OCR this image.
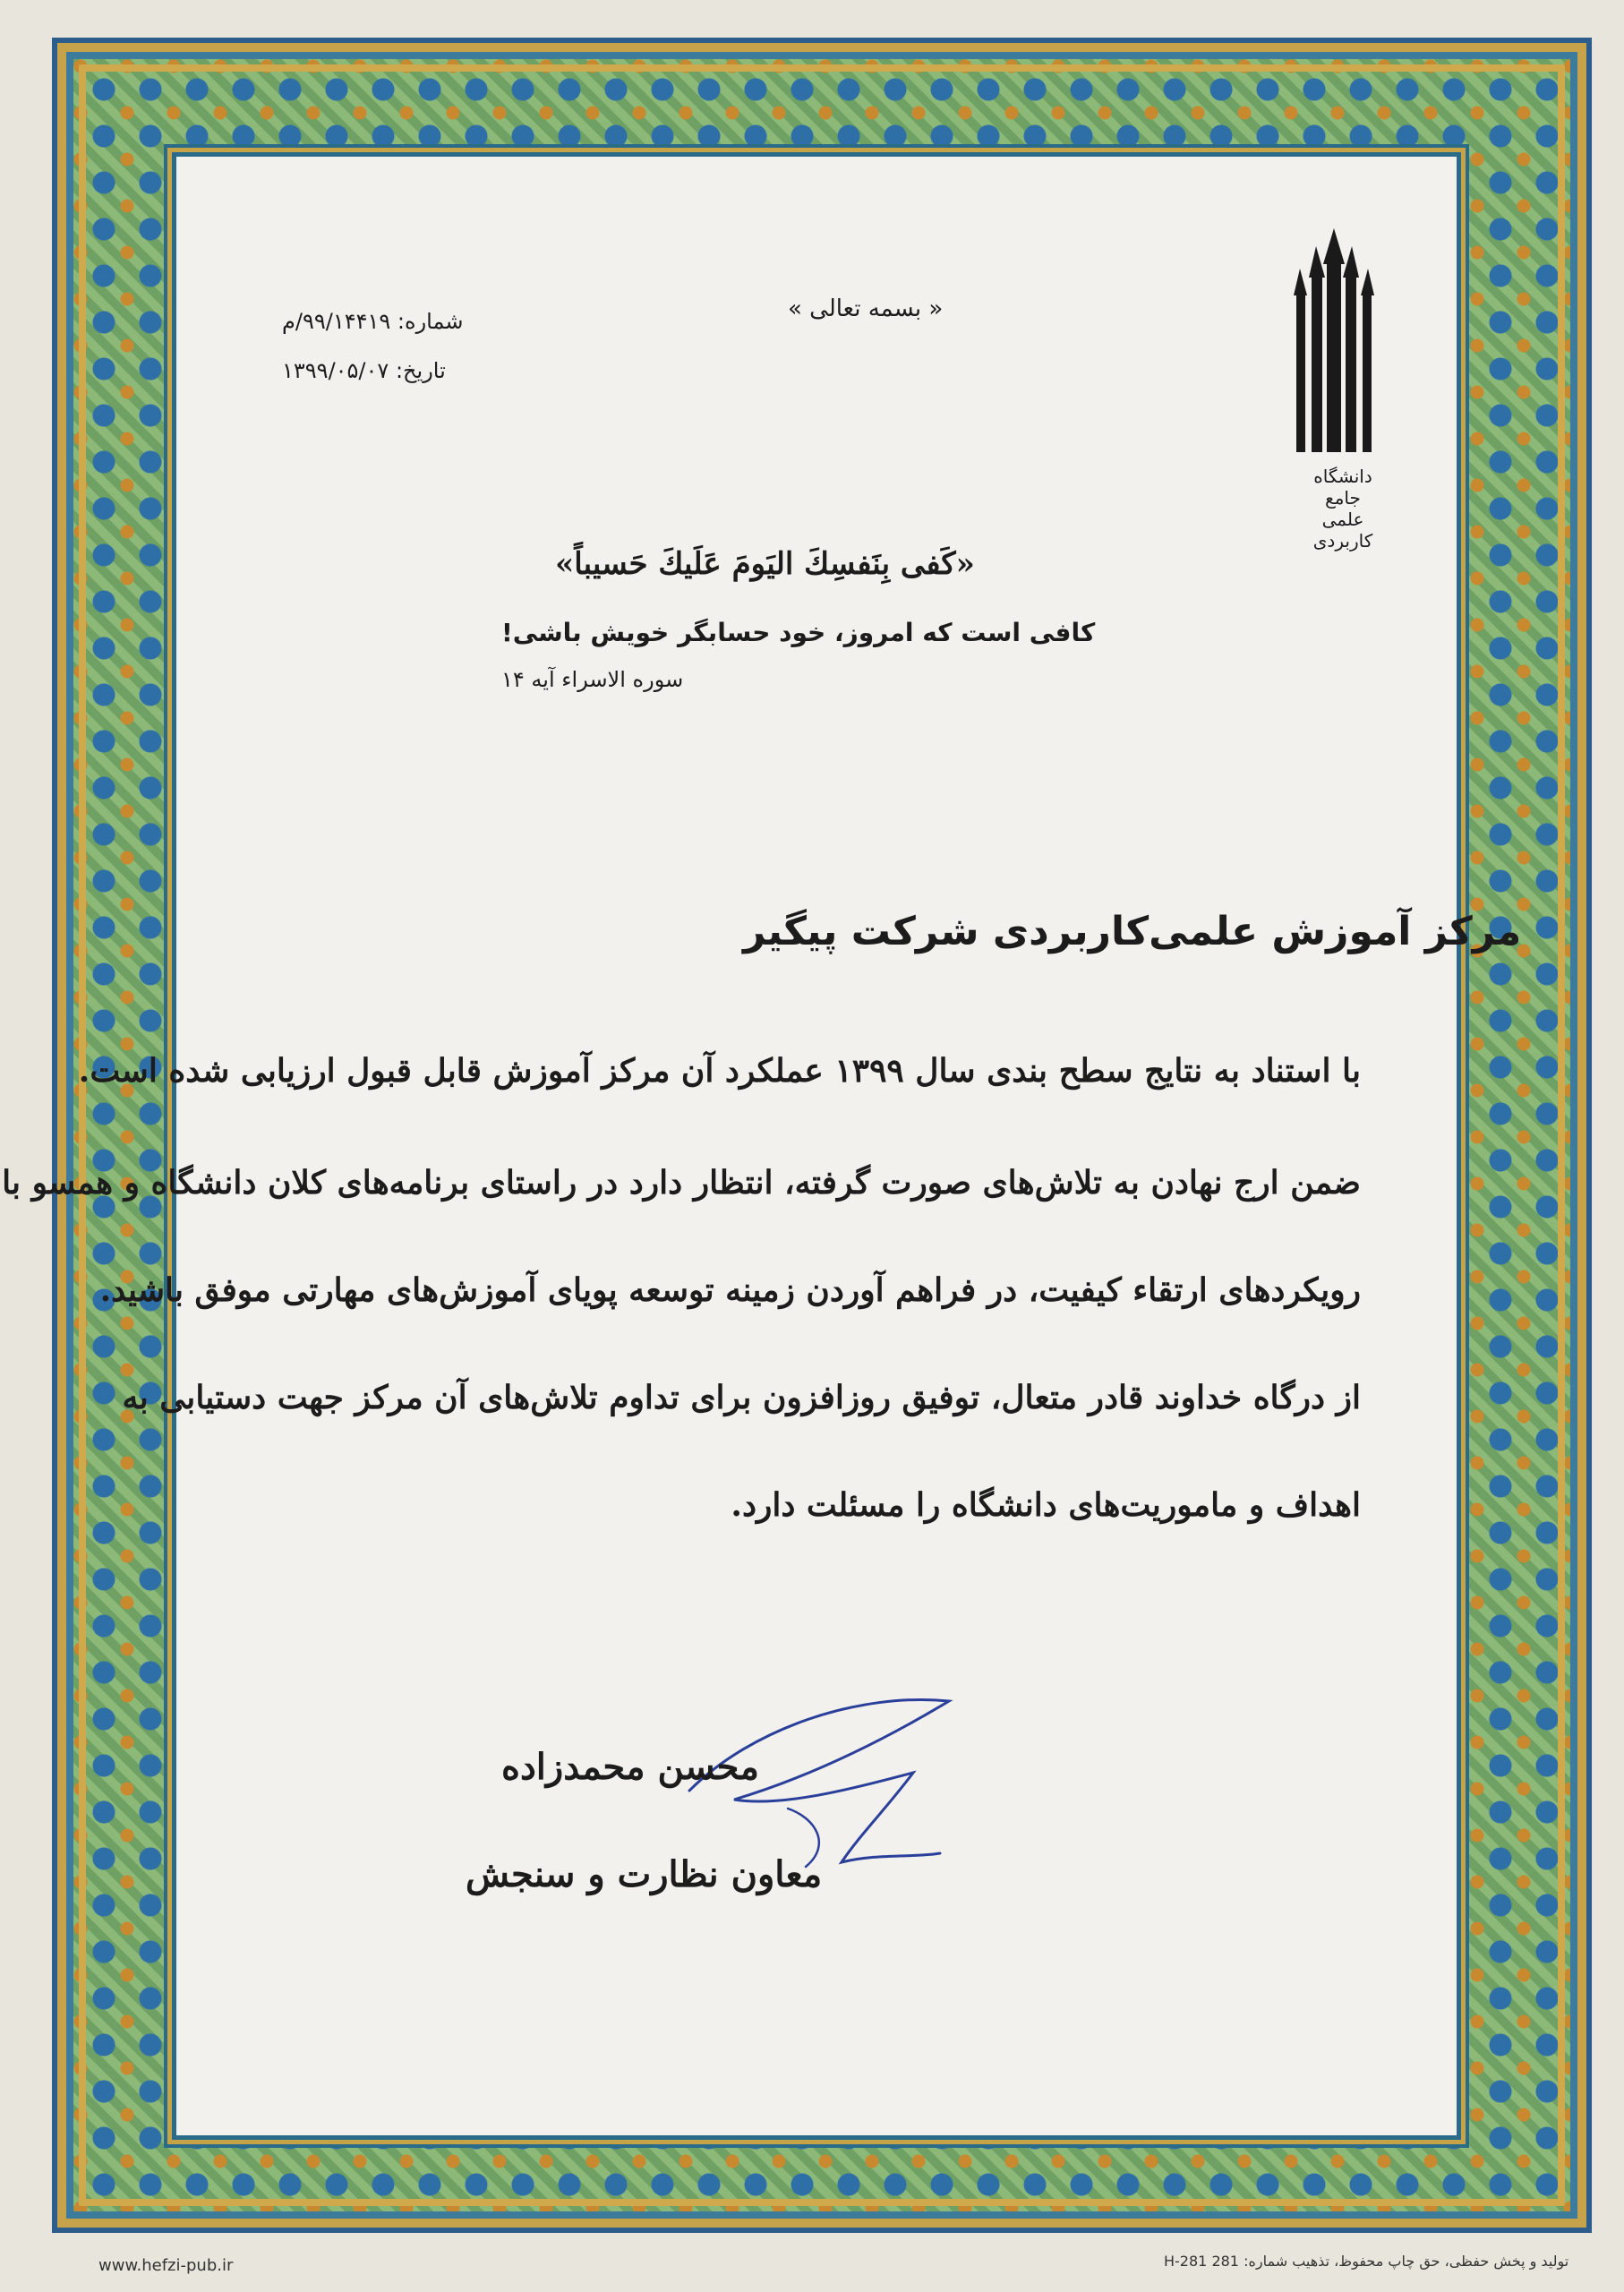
دانشگاه جامع علمی کاربردی
« بسمه تعالی »
شماره: ۹۹/۱۴۴۱۹/م
تاریخ: ۱۳۹۹/۰۵/۰۷
«كَفى بِنَفسِكَ اليَومَ عَلَيكَ حَسيباً»
کافی است که امروز، خود حسابگر خویش باشی!
سوره الاسراء آیه ۱۴
مرکز آموزش علمی‌کاربردی شرکت پیگیر
با استناد به نتایج سطح بندی سال ۱۳۹۹ عملکرد آن مرکز آموزش قابل قبول ارزیابی شده است.
ضمن ارج نهادن به تلاش‌های صورت گرفته، انتظار دارد در راستای برنامه‌های کلان دانشگاه و همسو با
رویکردهای ارتقاء کیفیت، در فراهم آوردن زمینه توسعه پویای آموزش‌های مهارتی موفق باشید.
از درگاه خداوند قادر متعال، توفیق روزافزون برای تداوم تلاش‌های آن مرکز جهت دستیابی به
اهداف و ماموریت‌های دانشگاه را مسئلت دارد.
محسن محمدزاده
معاون نظارت و سنجش
www.hefzi-pub.ir	H-281 تولید و پخش حفظی، حق چاپ محفوظ، تذهیب شماره: 281
